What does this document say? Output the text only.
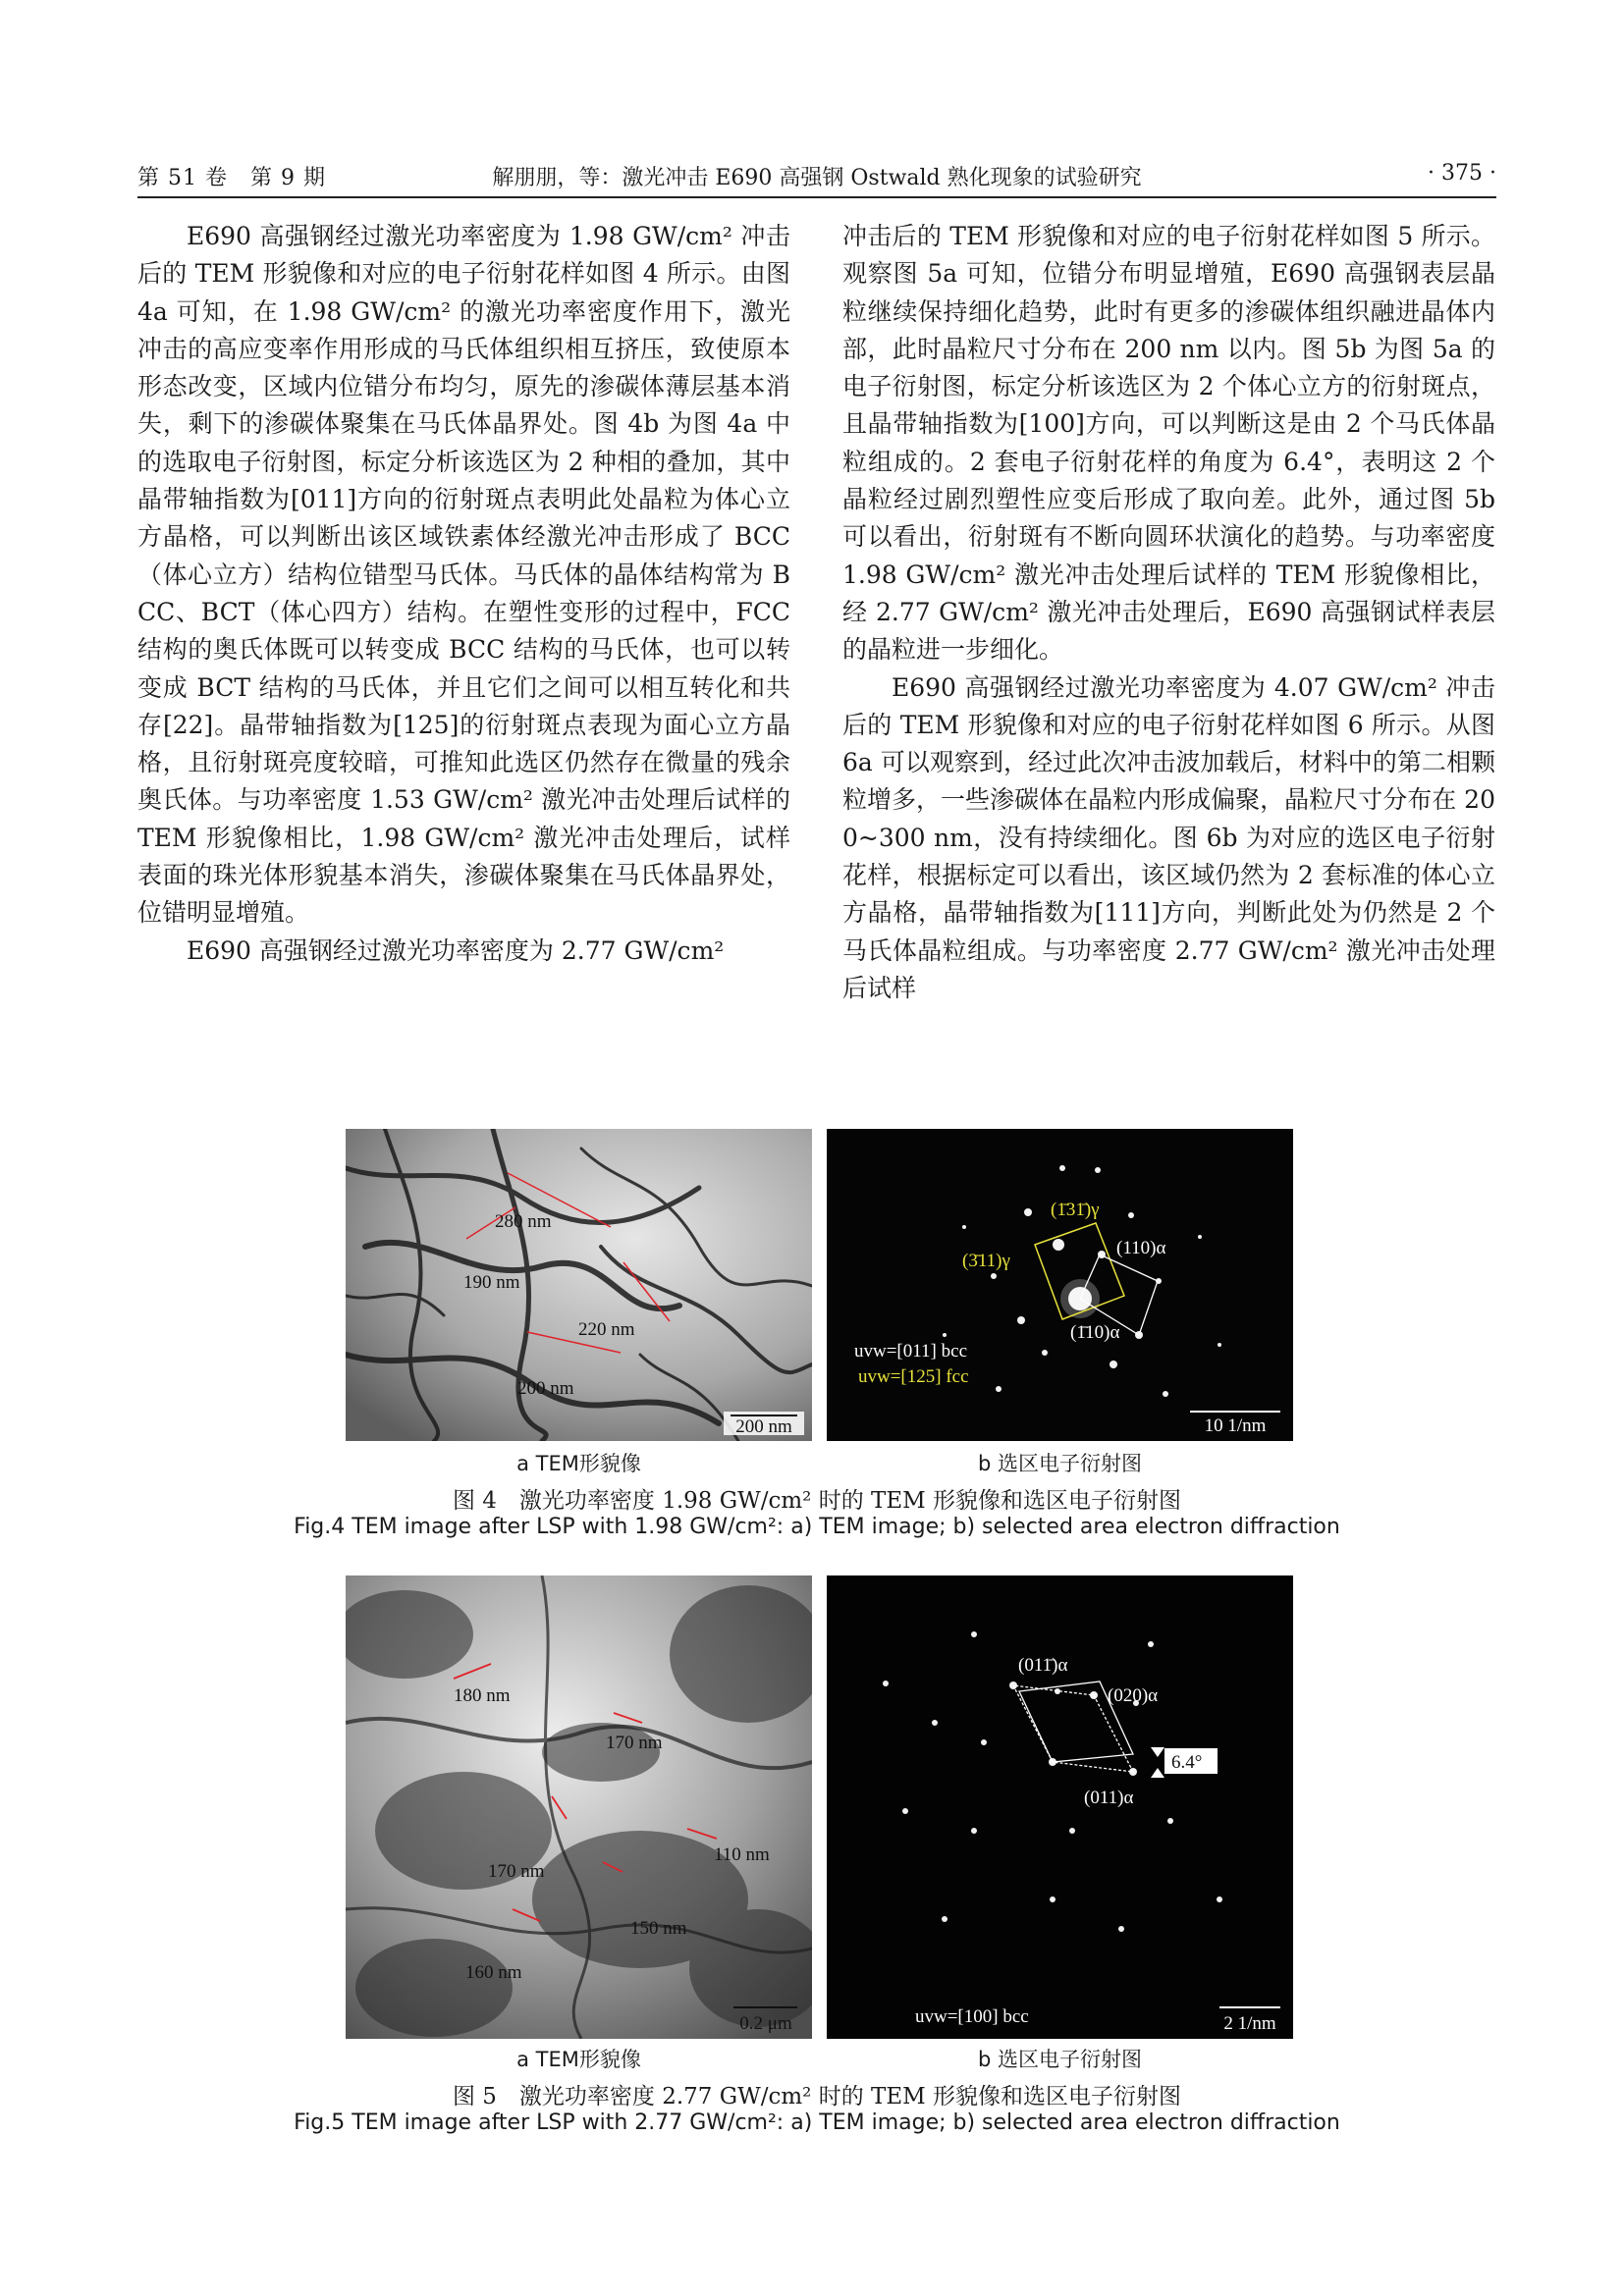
第 51 卷　第 9 期	解朋朋，等：激光冲击 E690 高强钢 Ostwald 熟化现象的试验研究	· 375 ·

E690 高强钢经过激光功率密度为 1.98 GW/cm² 冲击后的 TEM 形貌像和对应的电子衍射花样如图 4 所示。由图 4a 可知，在 1.98 GW/cm² 的激光功率密度作用下，激光冲击的高应变率作用形成的马氏体组织相互挤压，致使原本形态改变，区域内位错分布均匀，原先的渗碳体薄层基本消失，剩下的渗碳体聚集在马氏体晶界处。图 4b 为图 4a 中的选取电子衍射图，标定分析该选区为 2 种相的叠加，其中晶带轴指数为[011]方向的衍射斑点表明此处晶粒为体心立方晶格，可以判断出该区域铁素体经激光冲击形成了 BCC（体心立方）结构位错型马氏体。马氏体的晶体结构常为 BCC、BCT（体心四方）结构。在塑性变形的过程中，FCC 结构的奥氏体既可以转变成 BCC 结构的马氏体，也可以转变成 BCT 结构的马氏体，并且它们之间可以相互转化和共存[22]。晶带轴指数为[125]的衍射斑点表现为面心立方晶格，且衍射斑亮度较暗，可推知此选区仍然存在微量的残余奥氏体。与功率密度 1.53 GW/cm² 激光冲击处理后试样的 TEM 形貌像相比，1.98 GW/cm² 激光冲击处理后，试样表面的珠光体形貌基本消失，渗碳体聚集在马氏体晶界处，位错明显增殖。

E690 高强钢经过激光功率密度为 2.77 GW/cm²

冲击后的 TEM 形貌像和对应的电子衍射花样如图 5 所示。观察图 5a 可知，位错分布明显增殖，E690 高强钢表层晶粒继续保持细化趋势，此时有更多的渗碳体组织融进晶体内部，此时晶粒尺寸分布在 200 nm 以内。图 5b 为图 5a 的电子衍射图，标定分析该选区为 2 个体心立方的衍射斑点，且晶带轴指数为[100]方向，可以判断这是由 2 个马氏体晶粒组成的。2 套电子衍射花样的角度为 6.4°，表明这 2 个晶粒经过剧烈塑性应变后形成了取向差。此外，通过图 5b 可以看出，衍射斑有不断向圆环状演化的趋势。与功率密度 1.98 GW/cm² 激光冲击处理后试样的 TEM 形貌像相比，经 2.77 GW/cm² 激光冲击处理后，E690 高强钢试样表层的晶粒进一步细化。

E690 高强钢经过激光功率密度为 4.07 GW/cm² 冲击后的 TEM 形貌像和对应的电子衍射花样如图 6 所示。从图 6a 可以观察到，经过此次冲击波加载后，材料中的第二相颗粒增多，一些渗碳体在晶粒内形成偏聚，晶粒尺寸分布在 200~300 nm，没有持续细化。图 6b 为对应的选区电子衍射花样，根据标定可以看出，该区域仍然为 2 套标准的体心立方晶格，晶带轴指数为[111]方向，判断此处为仍然是 2 个马氏体晶粒组成。与功率密度 2.77 GW/cm² 激光冲击处理后试样

280 nm
190 nm
220 nm
200 nm
200 nm
(1̄31̄)γ
(3̄11)γ
(110)α
(1̄10)α
uvw=[011] bcc
uvw=[125] fcc
10 1/nm
a TEM形貌像	b 选区电子衍射图
图 4　激光功率密度 1.98 GW/cm² 时的 TEM 形貌像和选区电子衍射图
Fig.4 TEM image after LSP with 1.98 GW/cm²: a) TEM image; b) selected area electron diffraction
180 nm
170 nm
110 nm
170 nm
150 nm
160 nm
0.2 μm
(011̄)α
(020)α
6.4°
(011)α
uvw=[100] bcc	2 1/nm
a TEM形貌像	b 选区电子衍射图
图 5　激光功率密度 2.77 GW/cm² 时的 TEM 形貌像和选区电子衍射图
Fig.5 TEM image after LSP with 2.77 GW/cm²: a) TEM image; b) selected area electron diffraction
